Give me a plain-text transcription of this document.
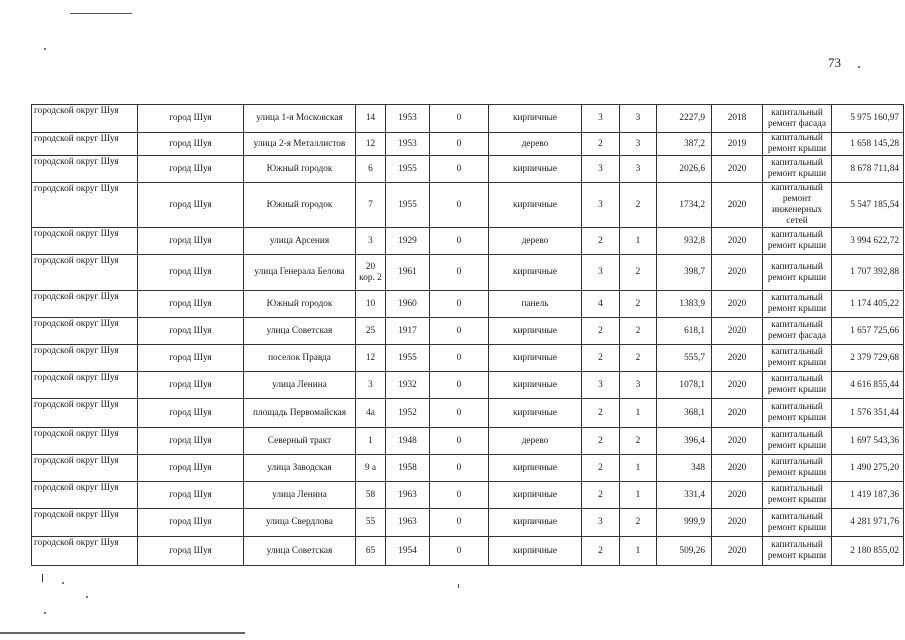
73
городской округ Шуя	город Шуя	улица 1-я Московская	14	1953	0	кирпичные	3	3	2227,9	2018	капитальный ремонт фасада	5 975 160,97
городской округ Шуя	город Шуя	улица 2-я Металлистов	12	1953	0	дерево	2	3	387,2	2019	капитальный ремонт крыши	1 658 145,28
городской округ Шуя	город Шуя	Южный городок	6	1955	0	кирпичные	3	3	2026,6	2020	капитальный ремонт крыши	8 678 711,84
городской округ Шуя	город Шуя	Южный городок	7	1955	0	кирпичные	3	2	1734,2	2020	капитальный ремонт инженерных сетей	5 547 185,54
городской округ Шуя	город Шуя	улица Арсения	3	1929	0	дерево	2	1	932,8	2020	капитальный ремонт крыши	3 994 622,72
городской округ Шуя	город Шуя	улица Генерала Белова	20 кор. 2	1961	0	кирпичные	3	2	398,7	2020	капитальный ремонт крыши	1 707 392,88
городской округ Шуя	город Шуя	Южный городок	10	1960	0	панель	4	2	1383,9	2020	капитальный ремонт крыши	1 174 405,22
городской округ Шуя	город Шуя	улица Советская	25	1917	0	кирпичные	2	2	618,1	2020	капитальный ремонт фасада	1 657 725,66
городской округ Шуя	город Шуя	поселок Правда	12	1955	0	кирпичные	2	2	555,7	2020	капитальный ремонт крыши	2 379 729,68
городской округ Шуя	город Шуя	улица Ленина	3	1932	0	кирпичные	3	3	1078,1	2020	капитальный ремонт крыши	4 616 855,44
городской округ Шуя	город Шуя	площадь Первомайская	4а	1952	0	кирпичные	2	1	368,1	2020	капитальный ремонт крыши	1 576 351,44
городской округ Шуя	город Шуя	Северный тракт	1	1948	0	дерево	2	2	396,4	2020	капитальный ремонт крыши	1 697 543,36
городской округ Шуя	город Шуя	улица Заводская	9 а	1958	0	кирпичные	2	1	348	2020	капитальный ремонт крыши	1 490 275,20
городской округ Шуя	город Шуя	улица Ленина	58	1963	0	кирпичные	2	1	331,4	2020	капитальный ремонт крыши	1 419 187,36
городской округ Шуя	город Шуя	улица Свердлова	55	1963	0	кирпичные	3	2	999,9	2020	капитальный ремонт крыши	4 281 971,76
городской округ Шуя	город Шуя	улица Советская	65	1954	0	кирпичные	2	1	509,26	2020	капитальный ремонт крыши	2 180 855,02
